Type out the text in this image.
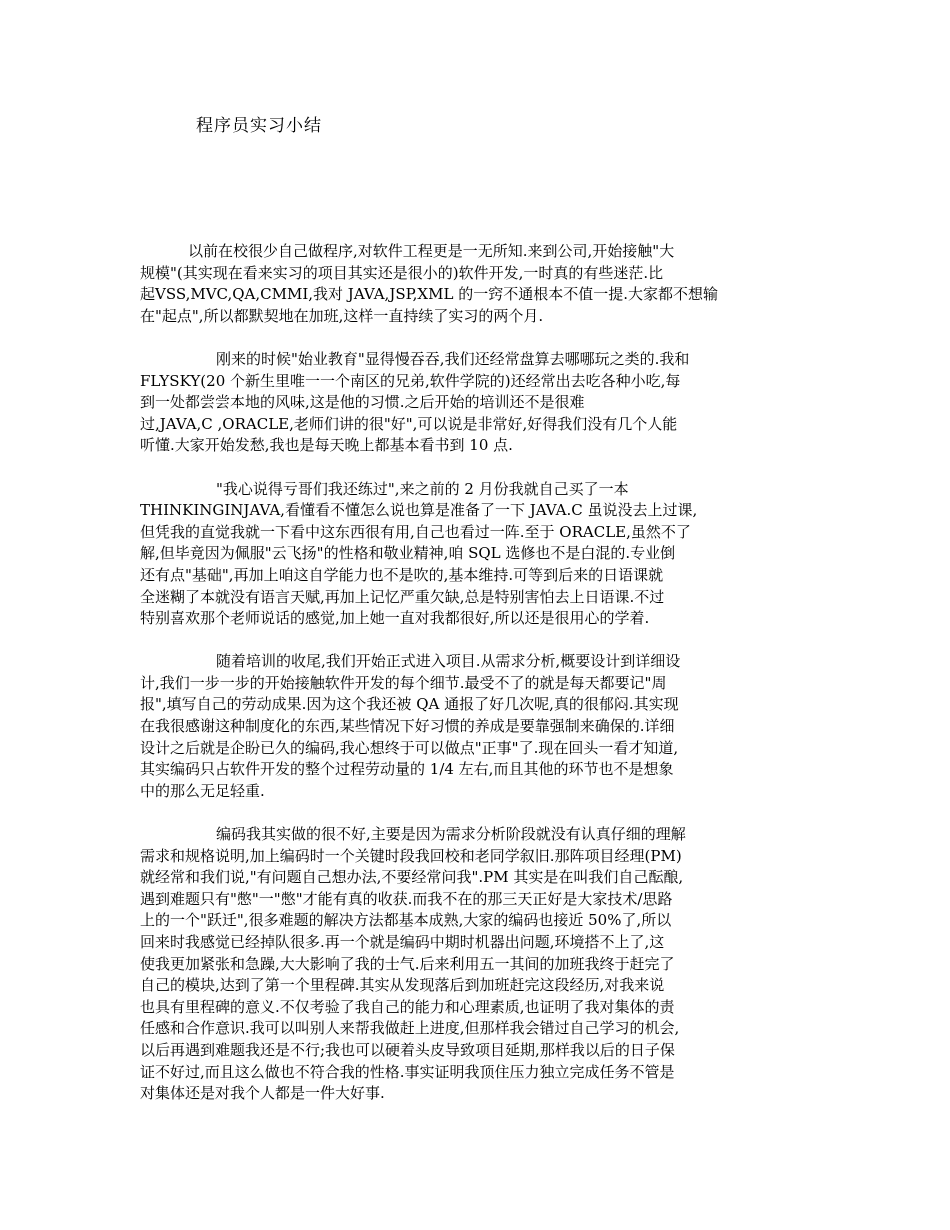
程序员实习小结
以前在校很少自己做程序,对软件工程更是一无所知.来到公司,开始接触"大
规模"(其实现在看来实习的项目其实还是很小的)软件开发,一时真的有些迷茫.比
起VSS,MVC,QA,CMMI,我对 JAVA,JSP,XML 的一窍不通根本不值一提.大家都不想输
在"起点",所以都默契地在加班,这样一直持续了实习的两个月.
刚来的时候"始业教育"显得慢吞吞,我们还经常盘算去哪哪玩之类的.我和
FLYSKY(20 个新生里唯一一个南区的兄弟,软件学院的)还经常出去吃各种小吃,每
到一处都尝尝本地的风味,这是他的习惯.之后开始的培训还不是很难
过,JAVA,C ,ORACLE,老师们讲的很"好",可以说是非常好,好得我们没有几个人能
听懂.大家开始发愁,我也是每天晚上都基本看书到 10 点.
"我心说得亏哥们我还练过",来之前的 2 月份我就自己买了一本
THINKINGINJAVA,看懂看不懂怎么说也算是准备了一下 JAVA.C 虽说没去上过课,
但凭我的直觉我就一下看中这东西很有用,自己也看过一阵.至于 ORACLE,虽然不了
解,但毕竟因为佩服"云飞扬"的性格和敬业精神,咱 SQL 选修也不是白混的.专业倒
还有点"基础",再加上咱这自学能力也不是吹的,基本维持.可等到后来的日语课就
全迷糊了本就没有语言天赋,再加上记忆严重欠缺,总是特别害怕去上日语课.不过
特别喜欢那个老师说话的感觉,加上她一直对我都很好,所以还是很用心的学着.
随着培训的收尾,我们开始正式进入项目.从需求分析,概要设计到详细设
计,我们一步一步的开始接触软件开发的每个细节.最受不了的就是每天都要记"周
报",填写自己的劳动成果.因为这个我还被 QA 通报了好几次呢,真的很郁闷.其实现
在我很感谢这种制度化的东西,某些情况下好习惯的养成是要靠强制来确保的.详细
设计之后就是企盼已久的编码,我心想终于可以做点"正事"了.现在回头一看才知道,
其实编码只占软件开发的整个过程劳动量的 1/4 左右,而且其他的环节也不是想象
中的那么无足轻重.
编码我其实做的很不好,主要是因为需求分析阶段就没有认真仔细的理解
需求和规格说明,加上编码时一个关键时段我回校和老同学叙旧.那阵项目经理(PM)
就经常和我们说,"有问题自己想办法,不要经常问我".PM 其实是在叫我们自己酝酿,
遇到难题只有"憋"一"憋"才能有真的收获.而我不在的那三天正好是大家技术/思路
上的一个"跃迁",很多难题的解决方法都基本成熟,大家的编码也接近 50%了,所以
回来时我感觉已经掉队很多.再一个就是编码中期时机器出问题,环境搭不上了,这
使我更加紧张和急躁,大大影响了我的士气.后来利用五一其间的加班我终于赶完了
自己的模块,达到了第一个里程碑.其实从发现落后到加班赶完这段经历,对我来说
也具有里程碑的意义.不仅考验了我自己的能力和心理素质,也证明了我对集体的责
任感和合作意识.我可以叫别人来帮我做赶上进度,但那样我会错过自己学习的机会,
以后再遇到难题我还是不行;我也可以硬着头皮导致项目延期,那样我以后的日子保
证不好过,而且这么做也不符合我的性格.事实证明我顶住压力独立完成任务不管是
对集体还是对我个人都是一件大好事.
